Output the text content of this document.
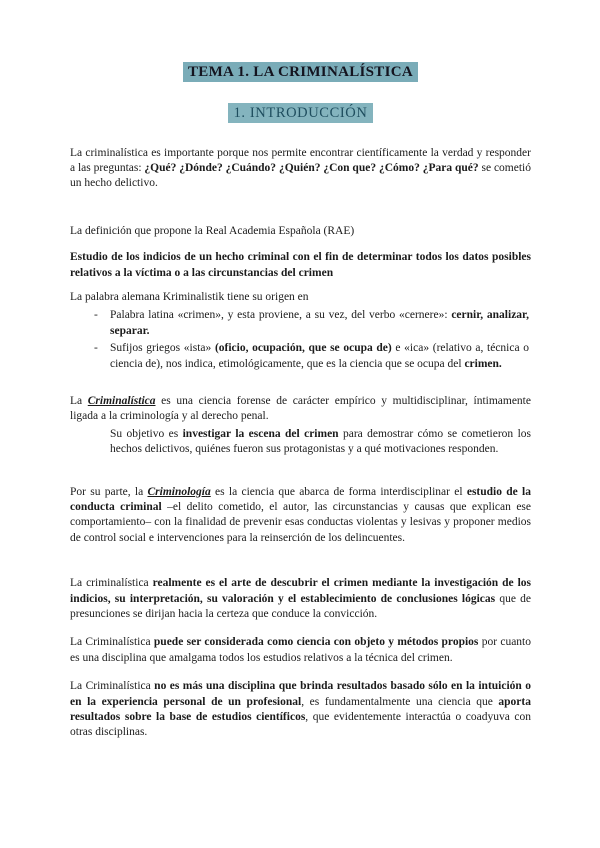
TEMA 1. LA CRIMINALÍSTICA
1. INTRODUCCIÓN

La criminalística es importante porque nos permite encontrar científicamente la verdad y responder a las preguntas: ¿Qué? ¿Dónde? ¿Cuándo? ¿Quién? ¿Con que? ¿Cómo? ¿Para qué? se cometió un hecho delictivo.

La definición que propone la Real Academia Española (RAE)

Estudio de los indicios de un hecho criminal con el fin de determinar todos los datos posibles relativos a la víctima o a las circunstancias del crimen

La palabra alemana Kriminalistik tiene su origen en

- Palabra latina «crimen», y esta proviene, a su vez, del verbo «cernere»: cernir, analizar, separar.
- Sufijos griegos «ista» (oficio, ocupación, que se ocupa de) e «ica» (relativo a, técnica o ciencia de), nos indica, etimológicamente, que es la ciencia que se ocupa del crimen.

La Criminalística es una ciencia forense de carácter empírico y multidisciplinar, íntimamente ligada a la criminología y al derecho penal.

Su objetivo es investigar la escena del crimen para demostrar cómo se cometieron los hechos delictivos, quiénes fueron sus protagonistas y a qué motivaciones responden.

Por su parte, la Criminología es la ciencia que abarca de forma interdisciplinar el estudio de la conducta criminal –el delito cometido, el autor, las circunstancias y causas que explican ese comportamiento– con la finalidad de prevenir esas conductas violentas y lesivas y proponer medios de control social e intervenciones para la reinserción de los delincuentes.

La criminalística realmente es el arte de descubrir el crimen mediante la investigación de los indicios, su interpretación, su valoración y el establecimiento de conclusiones lógicas que de presunciones se dirijan hacia la certeza que conduce la convicción.

La Criminalística puede ser considerada como ciencia con objeto y métodos propios por cuanto es una disciplina que amalgama todos los estudios relativos a la técnica del crimen.

La Criminalística no es más una disciplina que brinda resultados basado sólo en la intuición o en la experiencia personal de un profesional, es fundamentalmente una ciencia que aporta resultados sobre la base de estudios científicos, que evidentemente interactúa o coadyuva con otras disciplinas.
